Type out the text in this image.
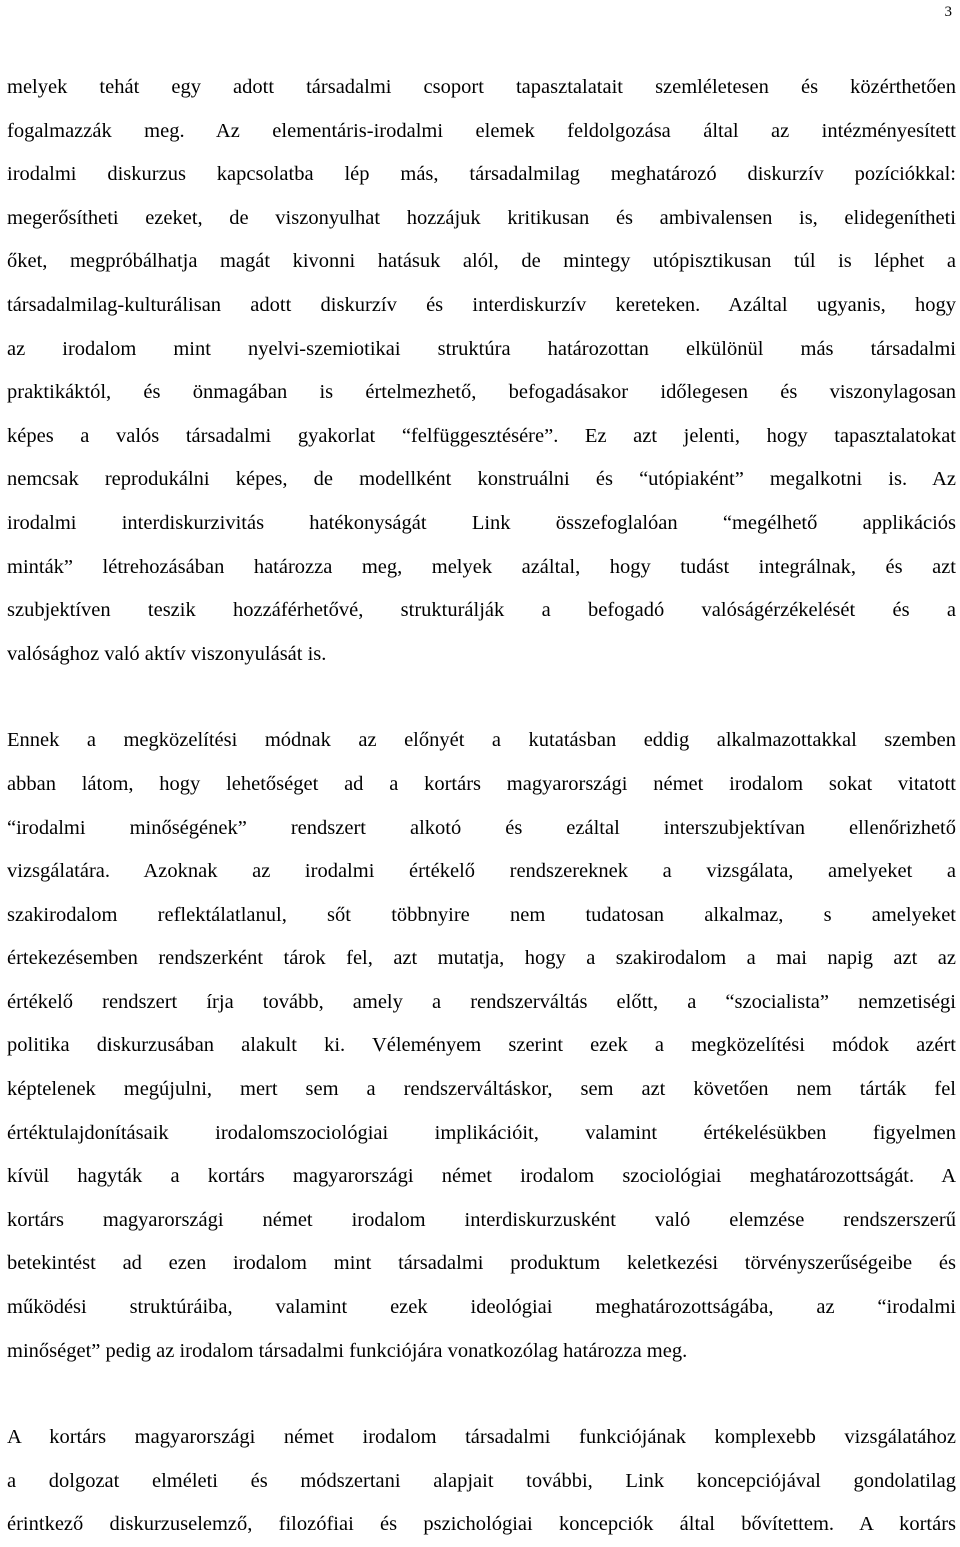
3
melyek tehát egy adott társadalmi csoport tapasztalatait szemléletesen és közérthetően
fogalmazzák meg. Az elementáris-irodalmi elemek feldolgozása által az intézményesített
irodalmi diskurzus kapcsolatba lép más, társadalmilag meghatározó diskurzív pozíciókkal:
megerősítheti ezeket, de viszonyulhat hozzájuk kritikusan és ambivalensen is, elidegenítheti
őket, megpróbálhatja magát kivonni hatásuk alól, de mintegy utópisztikusan túl is léphet a
társadalmilag-kulturálisan adott diskurzív és interdiskurzív kereteken. Azáltal ugyanis, hogy
az irodalom mint nyelvi-szemiotikai struktúra határozottan elkülönül más társadalmi
praktikáktól, és önmagában is értelmezhető, befogadásakor időlegesen és viszonylagosan
képes a valós társadalmi gyakorlat “felfüggesztésére”. Ez azt jelenti, hogy tapasztalatokat
nemcsak reprodukálni képes, de modellként konstruálni és “utópiaként” megalkotni is. Az
irodalmi interdiskurzivitás hatékonyságát Link összefoglalóan “megélhető applikációs
minták” létrehozásában határozza meg, melyek azáltal, hogy tudást integrálnak, és azt
szubjektíven teszik hozzáférhetővé, strukturálják a befogadó valóságérzékelését és a
valósághoz való aktív viszonyulását is.
Ennek a megközelítési módnak az előnyét a kutatásban eddig alkalmazottakkal szemben
abban látom, hogy lehetőséget ad a kortárs magyarországi német irodalom sokat vitatott
“irodalmi minőségének” rendszert alkotó és ezáltal interszubjektívan ellenőrizhető
vizsgálatára. Azoknak az irodalmi értékelő rendszereknek a vizsgálata, amelyeket a
szakirodalom reflektálatlanul, sőt többnyire nem tudatosan alkalmaz, s amelyeket
értekezésemben rendszerként tárok fel, azt mutatja, hogy a szakirodalom a mai napig azt az
értékelő rendszert írja tovább, amely a rendszerváltás előtt, a “szocialista” nemzetiségi
politika diskurzusában alakult ki. Véleményem szerint ezek a megközelítési módok azért
képtelenek megújulni, mert sem a rendszerváltáskor, sem azt követően nem tárták fel
értéktulajdonításaik irodalomszociológiai implikációit, valamint értékelésükben figyelmen
kívül hagyták a kortárs magyarországi német irodalom szociológiai meghatározottságát. A
kortárs magyarországi német irodalom interdiskurzusként való elemzése rendszerszerű
betekintést ad ezen irodalom mint társadalmi produktum keletkezési törvényszerűségeibe és
működési struktúráiba, valamint ezek ideológiai meghatározottságába, az “irodalmi
minőséget” pedig az irodalom társadalmi funkciójára vonatkozólag határozza meg.
A kortárs magyarországi német irodalom társadalmi funkciójának komplexebb vizsgálatához
a dolgozat elméleti és módszertani alapjait további, Link koncepciójával gondolatilag
érintkező diskurzuselemző, filozófiai és pszichológiai koncepciók által bővítettem. A kortárs
